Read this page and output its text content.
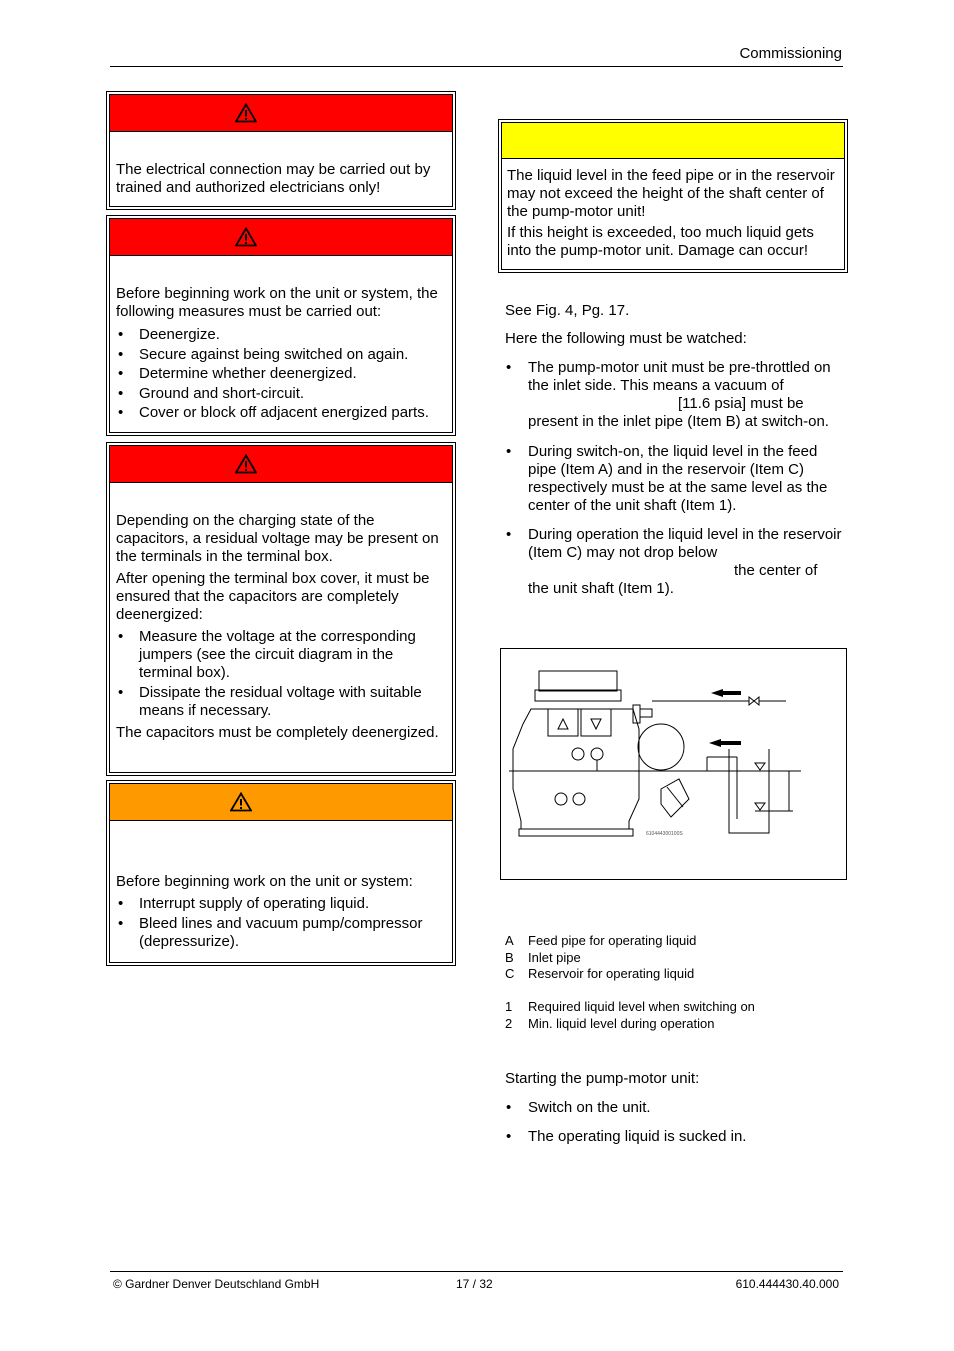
Commissioning

The electrical connection may be carried out by trained and authorized electricians only!

Before beginning work on the unit or system, the following measures must be carried out:

• Deenergize.
• Secure against being switched on again.
• Determine whether deenergized.
• Ground and short-circuit.
• Cover or block off adjacent energized parts.

Depending on the charging state of the capacitors, a residual voltage may be present on the terminals in the terminal box.

After opening the terminal box cover, it must be ensured that the capacitors are completely deenergized:

• Measure the voltage at the corresponding jumpers (see the circuit diagram in the terminal box).
• Dissipate the residual voltage with suitable means if necessary.

The capacitors must be completely deenergized.

Before beginning work on the unit or system:

• Interrupt supply of operating liquid.
• Bleed lines and vacuum pump/compressor (depressurize).

The liquid level in the feed pipe or in the reservoir may not exceed the height of the shaft center of the pump-motor unit!

If this height is exceeded, too much liquid gets into the pump-motor unit. Damage can occur!

See Fig. 4, Pg. 17.
Here the following must be watched:
• The pump-motor unit must be pre-throttled on the inlet side. This means a vacuum of

[11.6 psia] must be present in the inlet pipe (Item B) at switch-on.
• During switch-on, the liquid level in the feed pipe (Item A) and in the reservoir (Item C) respectively must be at the same level as the center of the unit shaft (Item 1).
• During operation the liquid level in the reservoir (Item C) may not drop below
the center of
the unit shaft (Item 1).
610444300100S
A	Feed pipe for operating liquid
B	Inlet pipe
C	Reservoir for operating liquid
1	Required liquid level when switching on
2	Min. liquid level during operation
Starting the pump-motor unit:
• Switch on the unit.
• The operating liquid is sucked in.
© Gardner Denver Deutschland GmbH	17 / 32	610.444430.40.000
